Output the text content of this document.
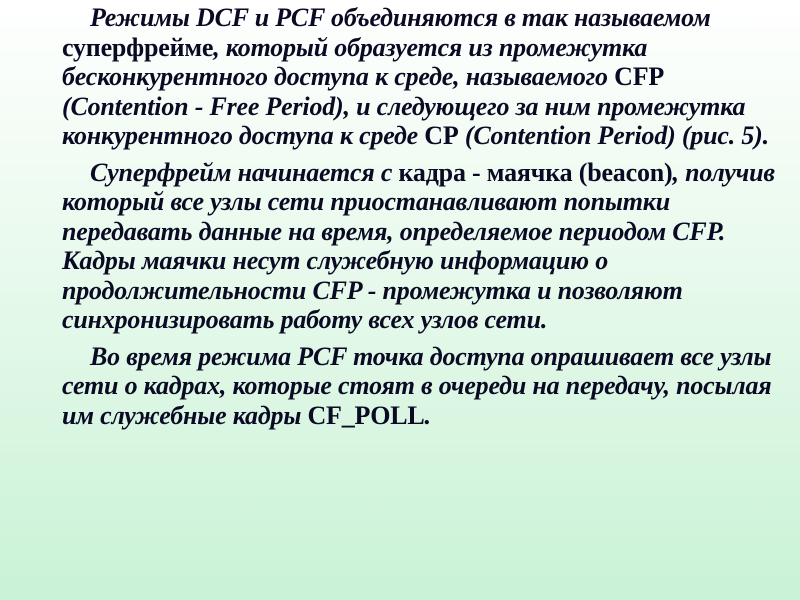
Режимы DCF и PCF объединяются в так называемом суперфрейме, который образуется из промежутка бесконкурентного доступа к среде, называемого CFP (Contention - Free Period), и следующего за ним промежутка конкурентного доступа к среде CP (Contention Period) (рис. 5).

Суперфрейм начинается с кадра - маячка (beacon), получив который все узлы сети приостанавливают попытки передавать данные на время, определяемое периодом CFP. Кадры маячки несут служебную информацию о продолжительности CFP - промежутка и позволяют синхронизировать работу всех узлов сети.

Во время режима PCF точка доступа опрашивает все узлы сети о кадрах, которые стоят в очереди на передачу, посылая им служебные кадры CF_POLL.
